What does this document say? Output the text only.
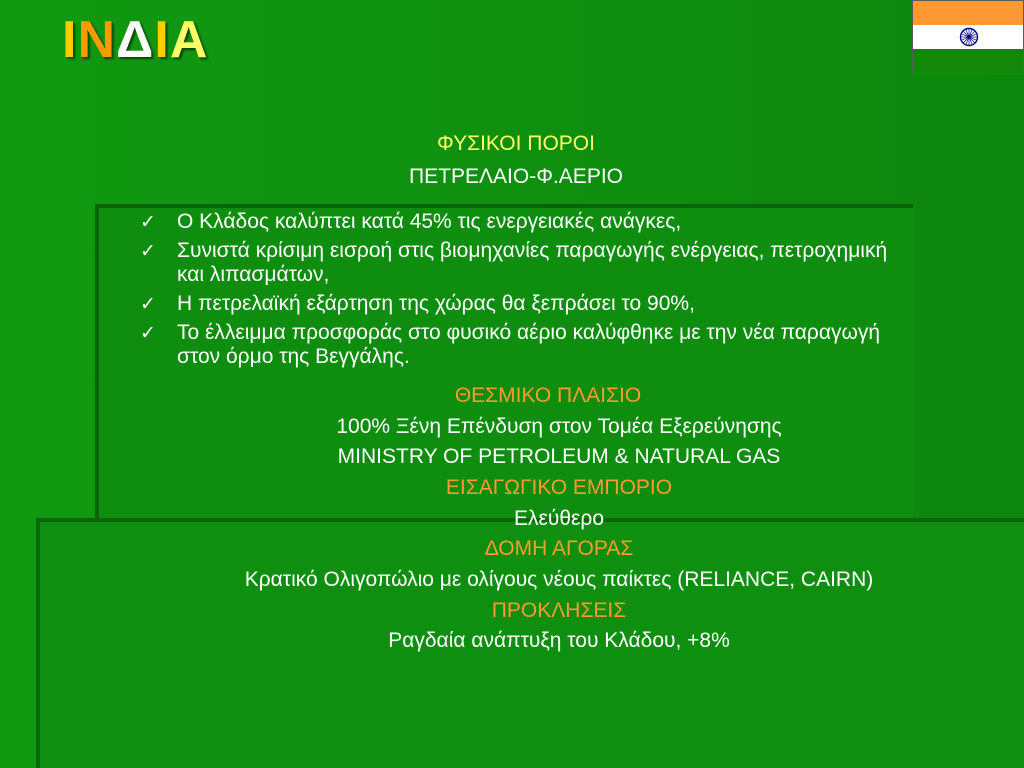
INΔIA

ΦΥΣΙΚΟΙ ΠΟΡΟΙ

ΠΕΤΡΕΛΑΙΟ-Φ.ΑΕΡΙΟ

✓ Ο Κλάδος καλύπτει κατά 45% τις ενεργειακές ανάγκες,
✓ Συνιστά κρίσιμη εισροή στις βιομηχανίες παραγωγής ενέργειας, πετροχημική και λιπασμάτων,
✓ Η πετρελαϊκή εξάρτηση της χώρας θα ξεπράσει το 90%,
✓ Το έλλειμμα προσφοράς στο φυσικό αέριο καλύφθηκε με την νέα παραγωγή στον όρμο της Βεγγάλης.

ΘΕΣΜΙΚΟ ΠΛΑΙΣΙΟ

100% Ξένη Επένδυση στον Τομέα Εξερεύνησης

MINISTRY OF PETROLEUM & NATURAL GAS

ΕΙΣΑΓΩΓΙΚΟ ΕΜΠΟΡΙΟ

Ελεύθερο

ΔΟΜΗ ΑΓΟΡΑΣ

Κρατικό Ολιγοπώλιο με ολίγους νέους παίκτες (RELIANCE, CAIRN)

ΠΡΟΚΛΗΣΕΙΣ

Ραγδαία ανάπτυξη του Κλάδου, +8%
